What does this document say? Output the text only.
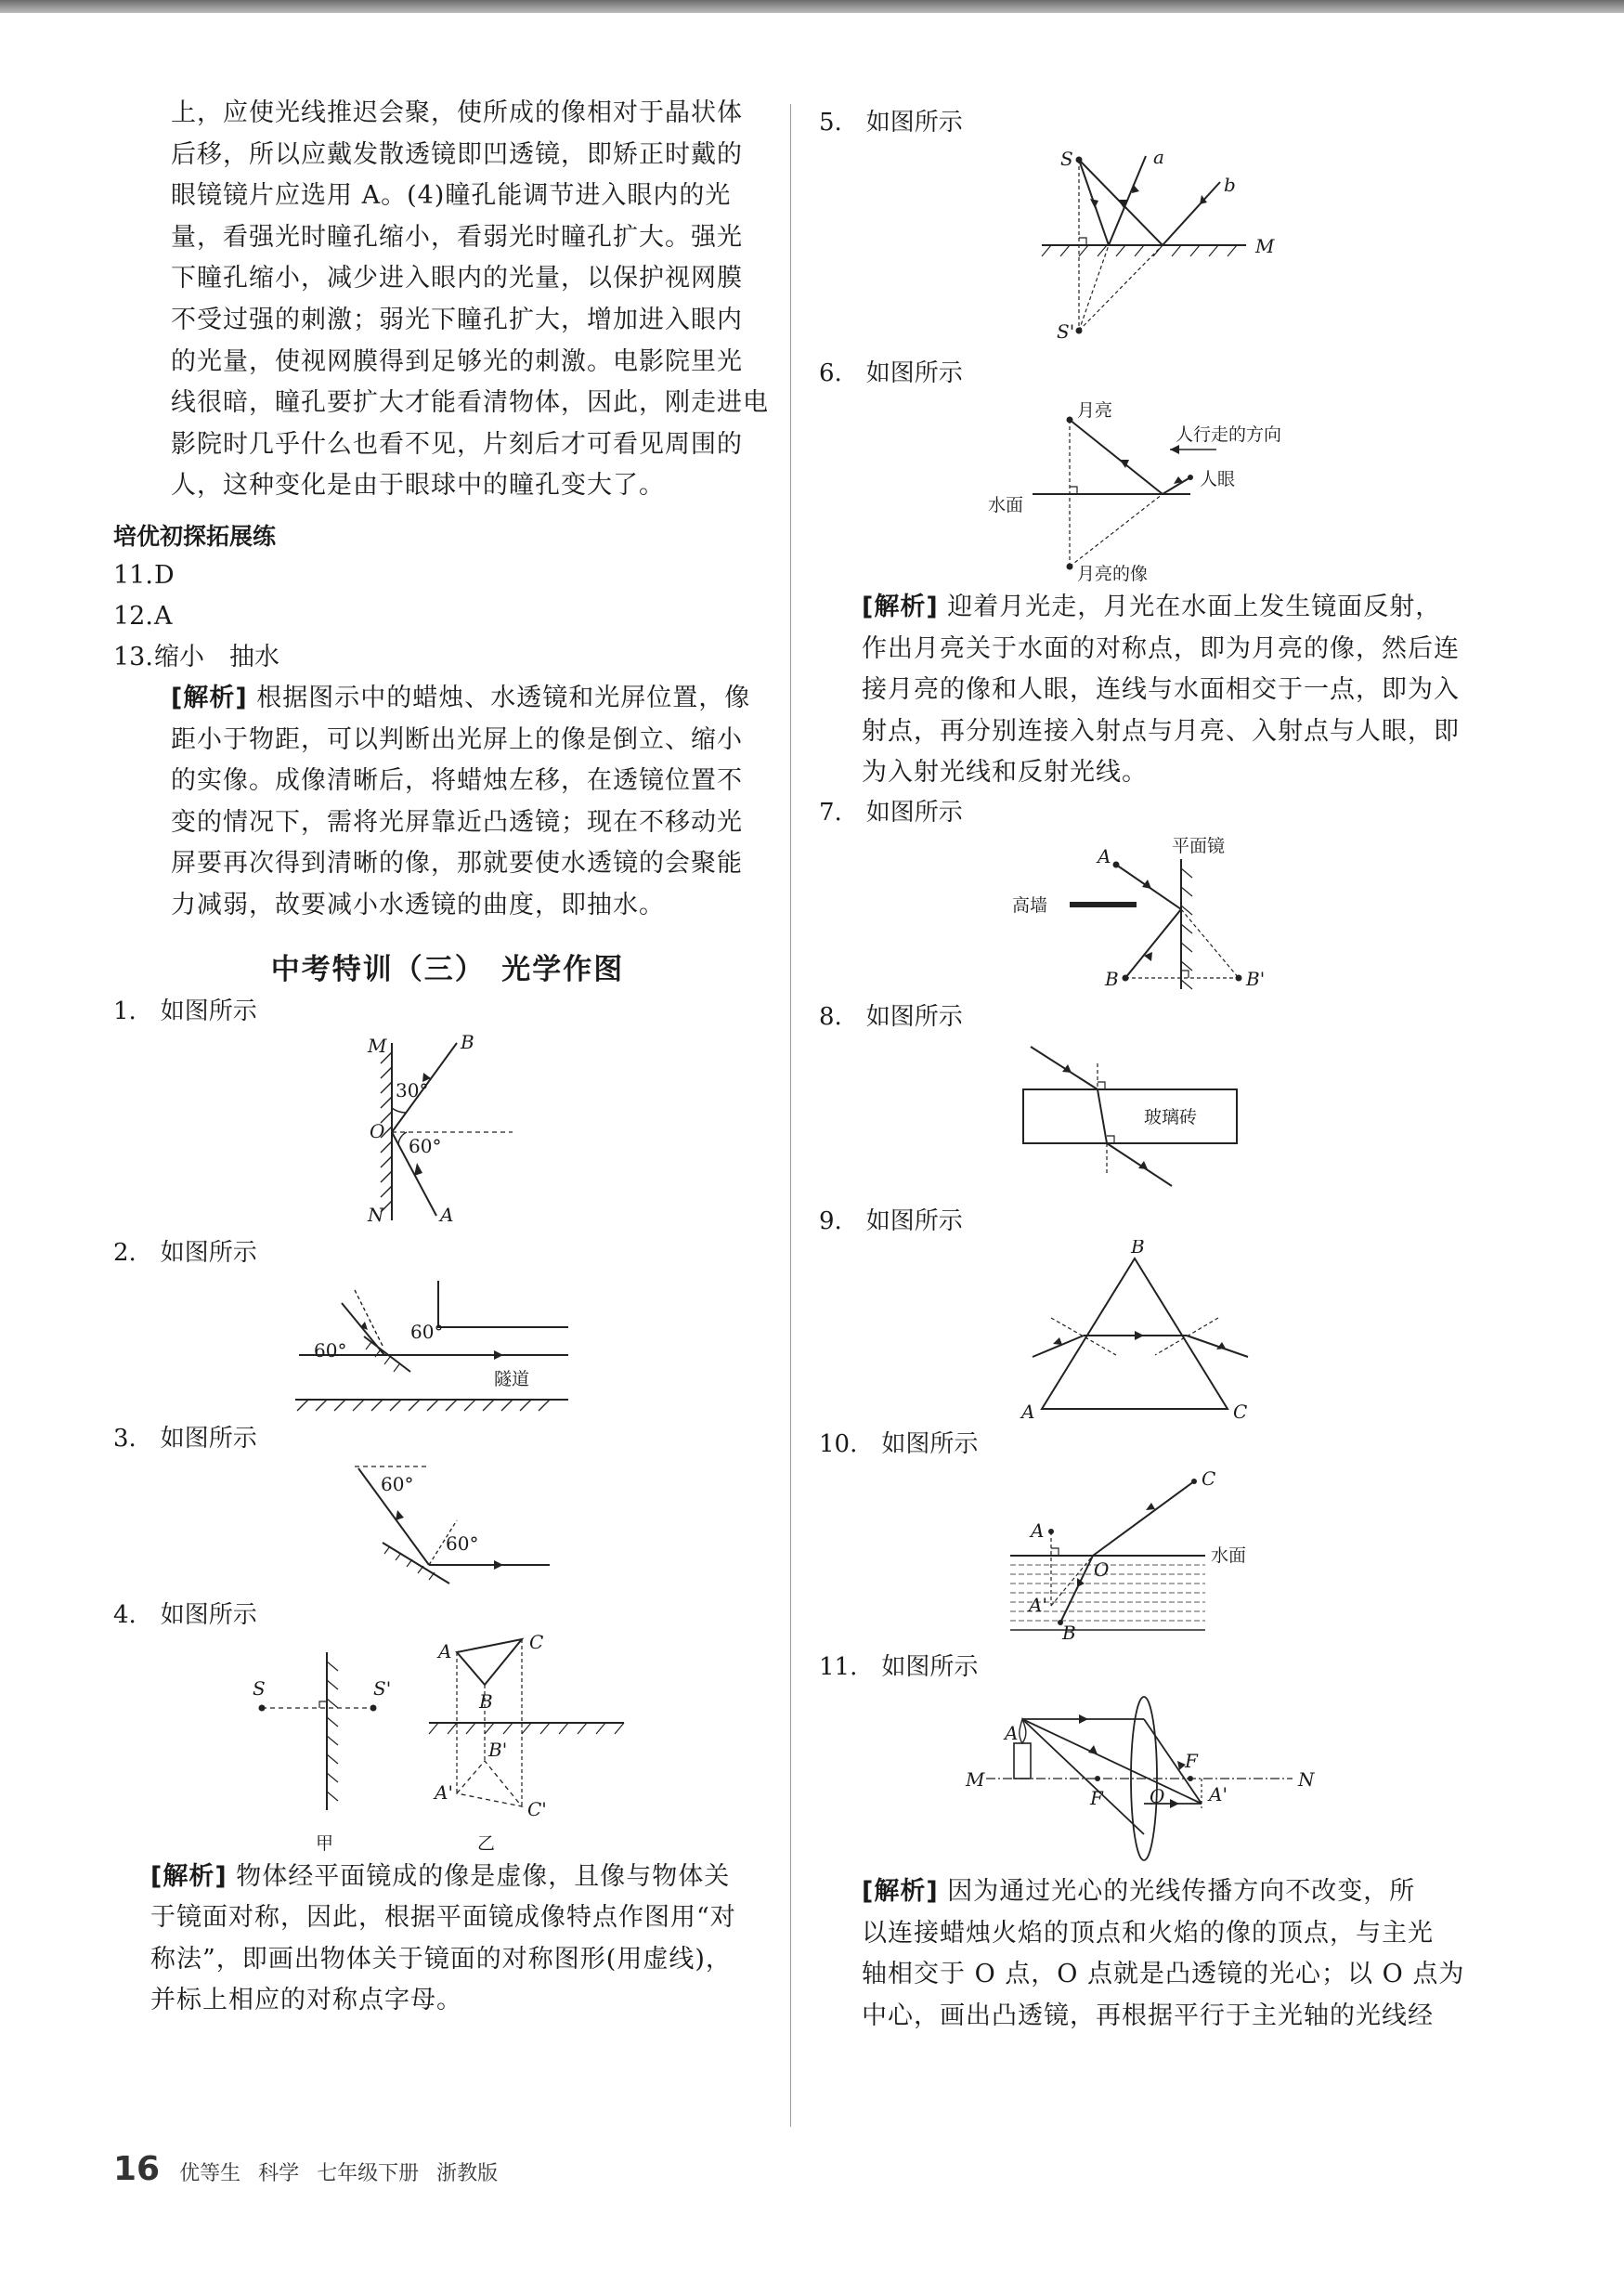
上，应使光线推迟会聚，使所成的像相对于晶状体

后移，所以应戴发散透镜即凹透镜，即矫正时戴的

眼镜镜片应选用 A。(4)瞳孔能调节进入眼内的光

量，看强光时瞳孔缩小，看弱光时瞳孔扩大。强光

下瞳孔缩小，减少进入眼内的光量，以保护视网膜

不受过强的刺激；弱光下瞳孔扩大，增加进入眼内

的光量，使视网膜得到足够光的刺激。电影院里光

线很暗，瞳孔要扩大才能看清物体，因此，刚走进电

影院时几乎什么也看不见，片刻后才可看见周围的

人，这种变化是由于眼球中的瞳孔变大了。

培优初探拓展练

11.D

12.A

13.缩小　抽水

[解析] 根据图示中的蜡烛、水透镜和光屏位置，像

距小于物距，可以判断出光屏上的像是倒立、缩小

的实像。成像清晰后，将蜡烛左移，在透镜位置不

变的情况下，需将光屏靠近凸透镜；现在不移动光

屏要再次得到清晰的像，那就要使水透镜的会聚能

力减弱，故要减小水透镜的曲度，即抽水。

中考特训（三）　光学作图

1.　如图所示

M	B
30°
O
60°
N	A

2.　如图所示

60°
60°
隧道

3.　如图所示

60°
60°

4.　如图所示

S	S'
甲
A
B
C
A'
B'
C'
乙

[解析] 物体经平面镜成的像是虚像，且像与物体关

于镜面对称，因此，根据平面镜成像特点作图用“对

称法”，即画出物体关于镜面的对称图形(用虚线)，

并标上相应的对称点字母。

5.　如图所示

S	a
b
M
S'

6.　如图所示

月亮
人行走的方向
水面
人眼
月亮的像

[解析] 迎着月光走，月光在水面上发生镜面反射，

作出月亮关于水面的对称点，即为月亮的像，然后连

接月亮的像和人眼，连线与水面相交于一点，即为入

射点，再分别连接入射点与月亮、入射点与人眼，即

为入射光线和反射光线。

7.　如图所示

A	平面镜
高墙
B	B'

8.　如图所示

玻璃砖

9.　如图所示

B
A	C

10.　如图所示

C
A
水面
O
A'
B

11.　如图所示

A
M
F	O
F
N
A'

[解析] 因为通过光心的光线传播方向不改变，所

以连接蜡烛火焰的顶点和火焰的像的顶点，与主光

轴相交于 O 点，O 点就是凸透镜的光心；以 O 点为

中心，画出凸透镜，再根据平行于主光轴的光线经

16 优等生 科学 七年级下册 浙教版
